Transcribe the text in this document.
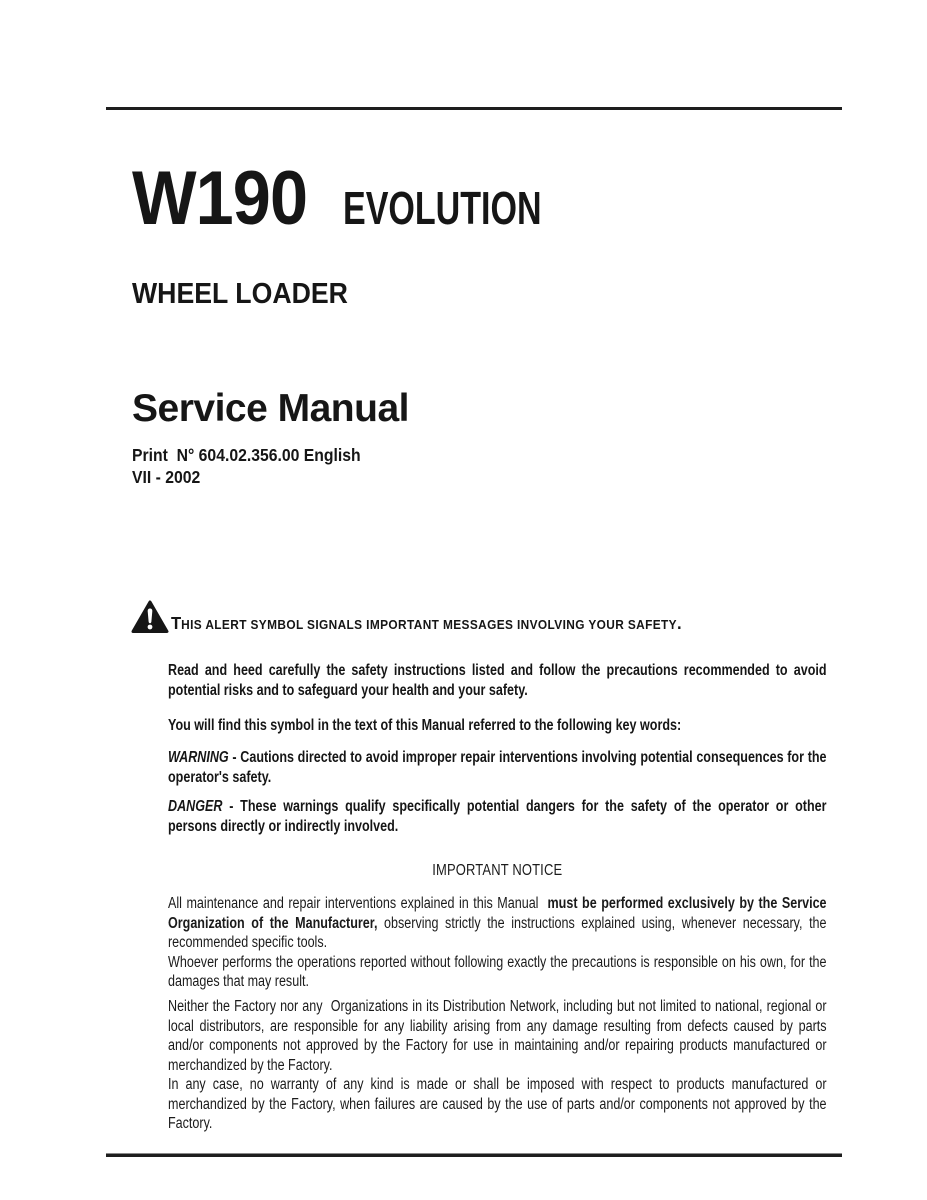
W190 EVOLUTION
WHEEL LOADER
Service Manual
Print  N° 604.02.356.00 English
VII - 2002
THIS ALERT SYMBOL SIGNALS IMPORTANT MESSAGES INVOLVING YOUR SAFETY.
Read and heed carefully the safety instructions listed and follow the precautions recommended to avoid potential risks and to safeguard your health and your safety.
You will find this symbol in the text of this Manual referred to the following key words:
WARNING - Cautions directed to avoid improper repair interventions involving potential consequences for the operator's safety.
DANGER - These warnings qualify specifically potential dangers for the safety of the operator or other persons directly or indirectly involved.
IMPORTANT NOTICE
All maintenance and repair interventions explained in this Manual  must be performed exclusively by the Service Organization of the Manufacturer, observing strictly the instructions explained using, whenever necessary, the recommended specific tools.
Whoever performs the operations reported without following exactly the precautions is responsible on his own, for the damages that may result.
Neither the Factory nor any  Organizations in its Distribution Network, including but not limited to national, regional or local distributors, are responsible for any liability arising from any damage resulting from defects caused by parts and/or components not approved by the Factory for use in maintaining and/or repairing products manufactured or merchandized by the Factory.
In any case, no warranty of any kind is made or shall be imposed with respect to products manufactured or merchandized by the Factory, when failures are caused by the use of parts and/or components not approved by the Factory.
